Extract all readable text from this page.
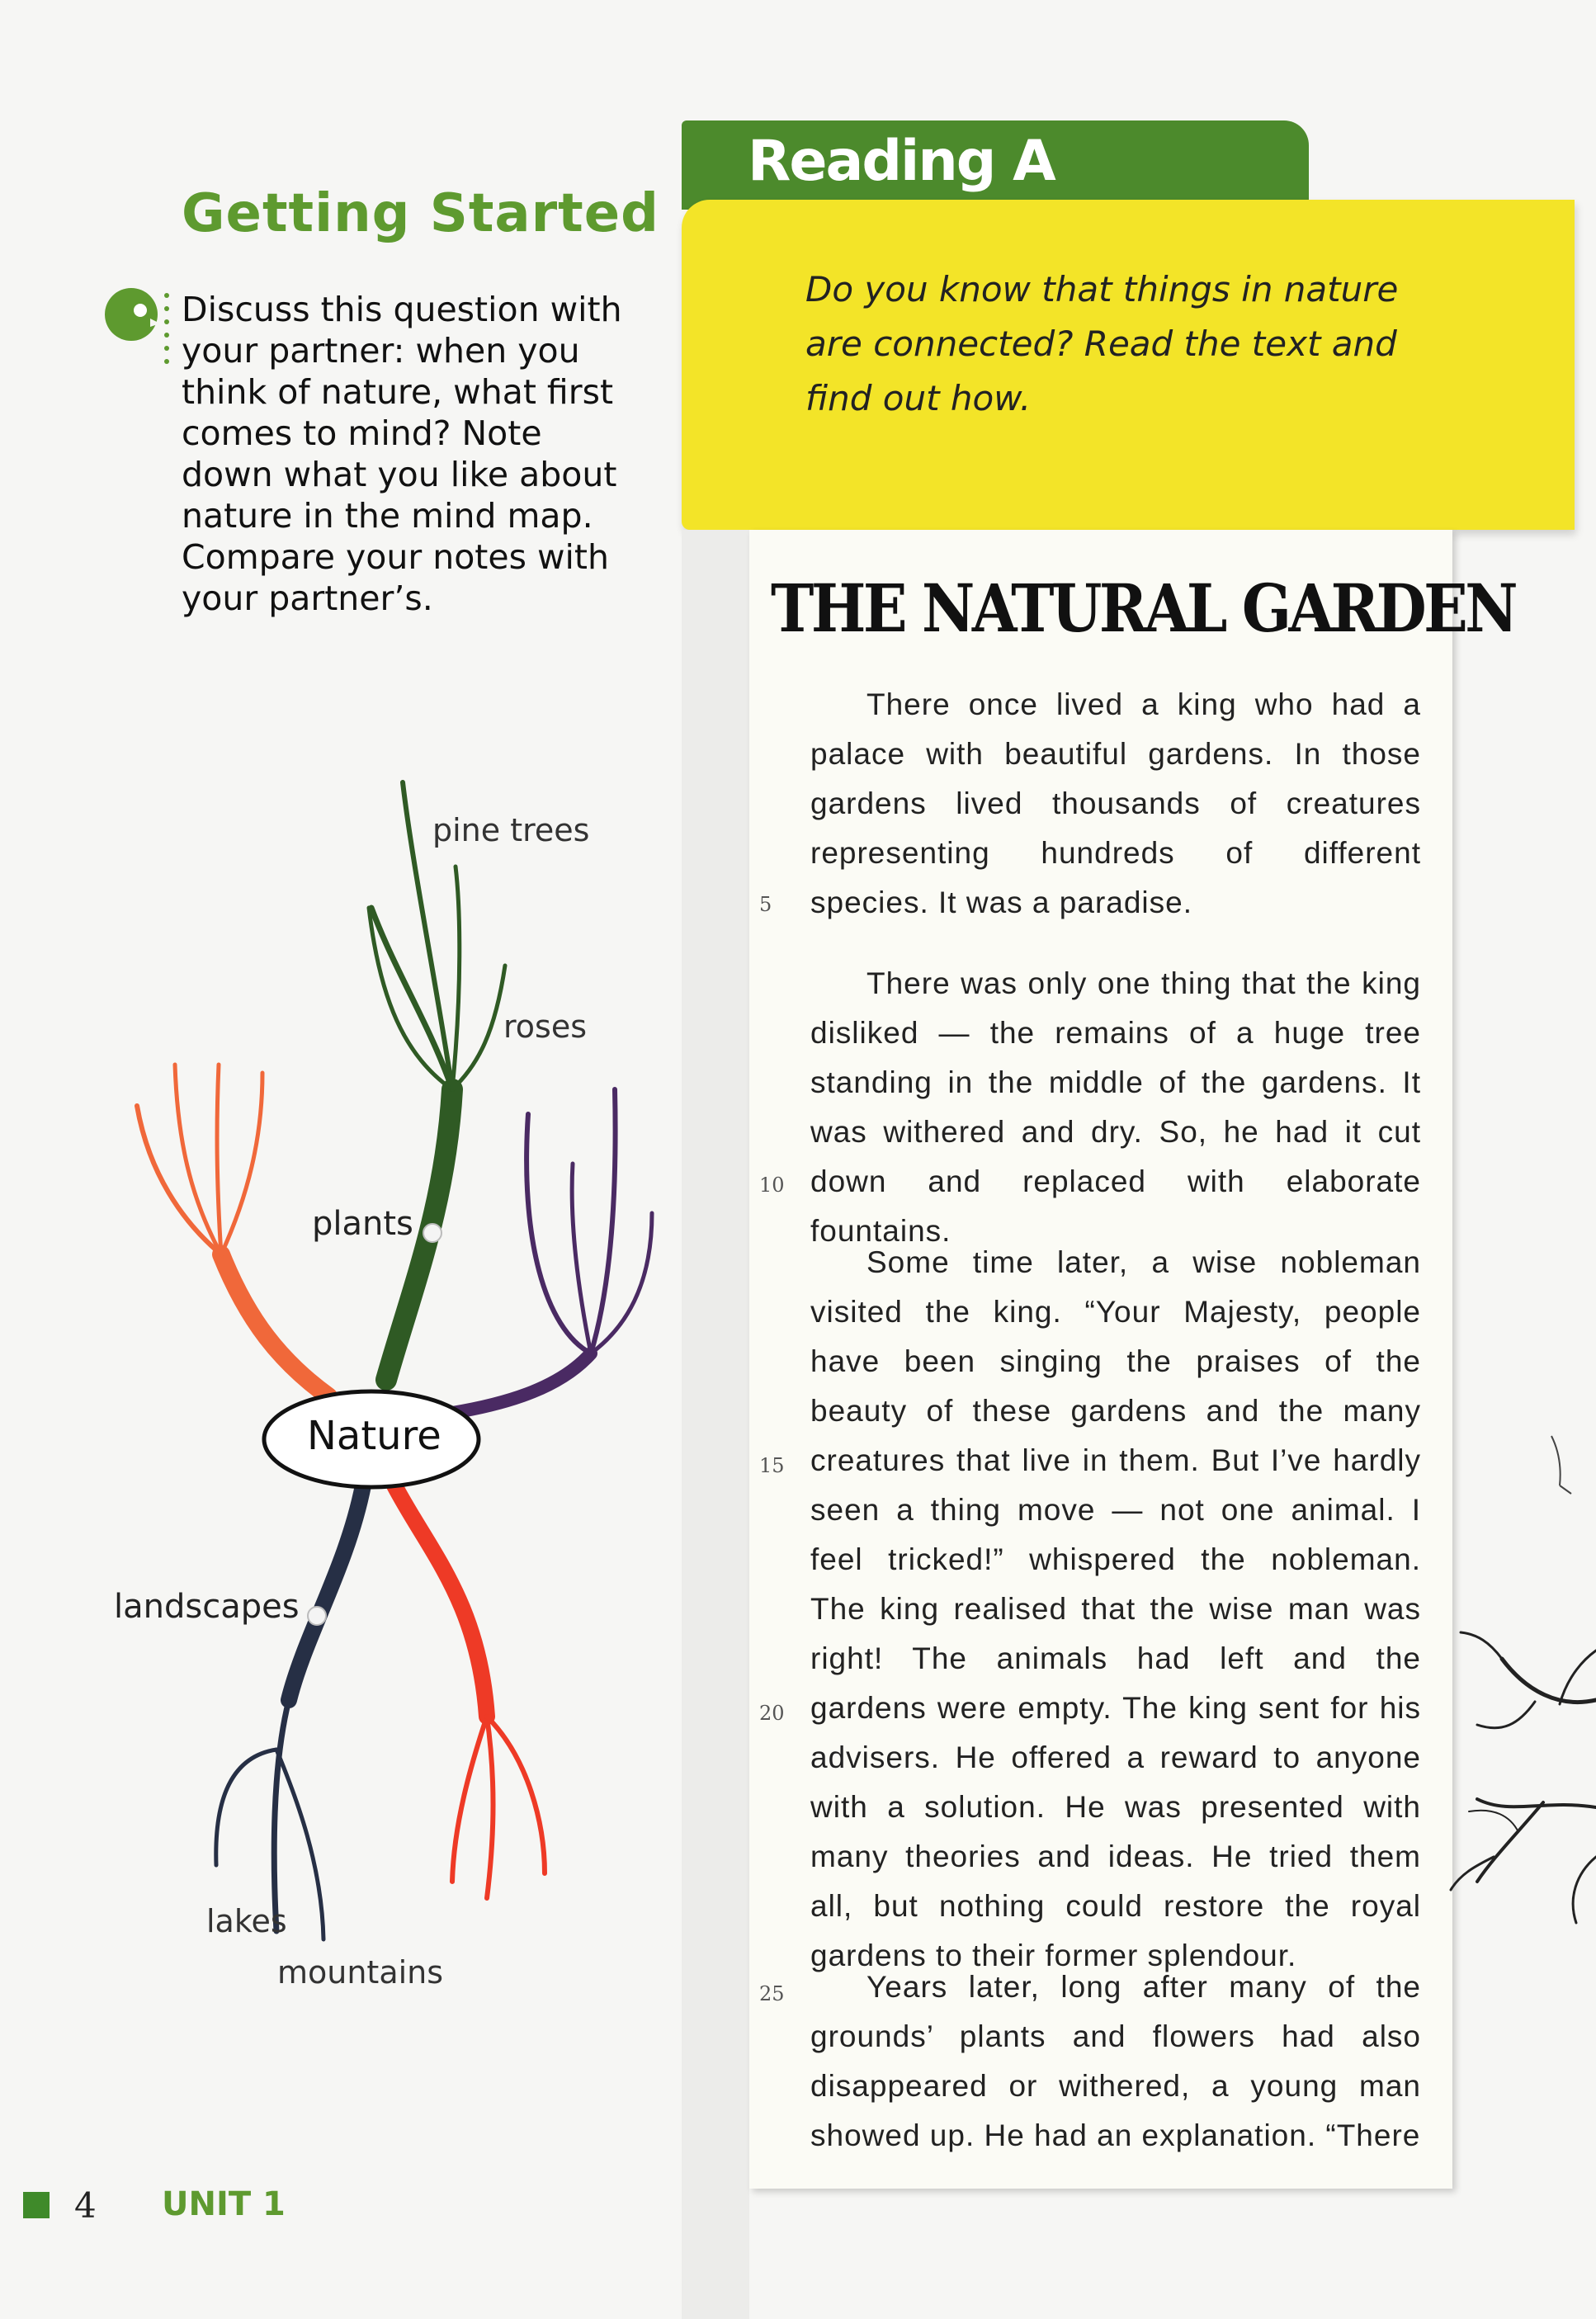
Getting Started
Discuss this question with your partner: when you think of nature, what first comes to mind? Note down what you like about nature in the mind map. Compare your notes with your partner’s.
Nature
pine trees
roses
plants
landscapes
lakes
mountains
Reading A
Do you know that things in nature are connected? Read the text and find out how.
THE NATURAL GARDEN
There once lived a king who had a palace with beautiful gardens. In those gardens lived thousands of creatures representing hundreds of different species. It was a paradise.
There was only one thing that the king disliked — the remains of a huge tree standing in the middle of the gardens. It was withered and dry. So, he had it cut down and replaced with elaborate fountains.
Some time later, a wise nobleman visited the king. “Your Majesty, people have been singing the praises of the beauty of these gardens and the many creatures that live in them. But I’ve hardly seen a thing move — not one animal. I feel tricked!” whispered the nobleman. The king realised that the wise man was right! The animals had left and the gardens were empty. The king sent for his advisers. He offered a reward to anyone with a solution. He was presented with many theories and ideas. He tried them all, but nothing could restore the royal gardens to their former splendour.
Years later, long after many of the grounds’ plants and flowers had also disappeared or withered, a young man showed up. He had an explanation. “There
5
10
15
20
25
4 UNIT 1
